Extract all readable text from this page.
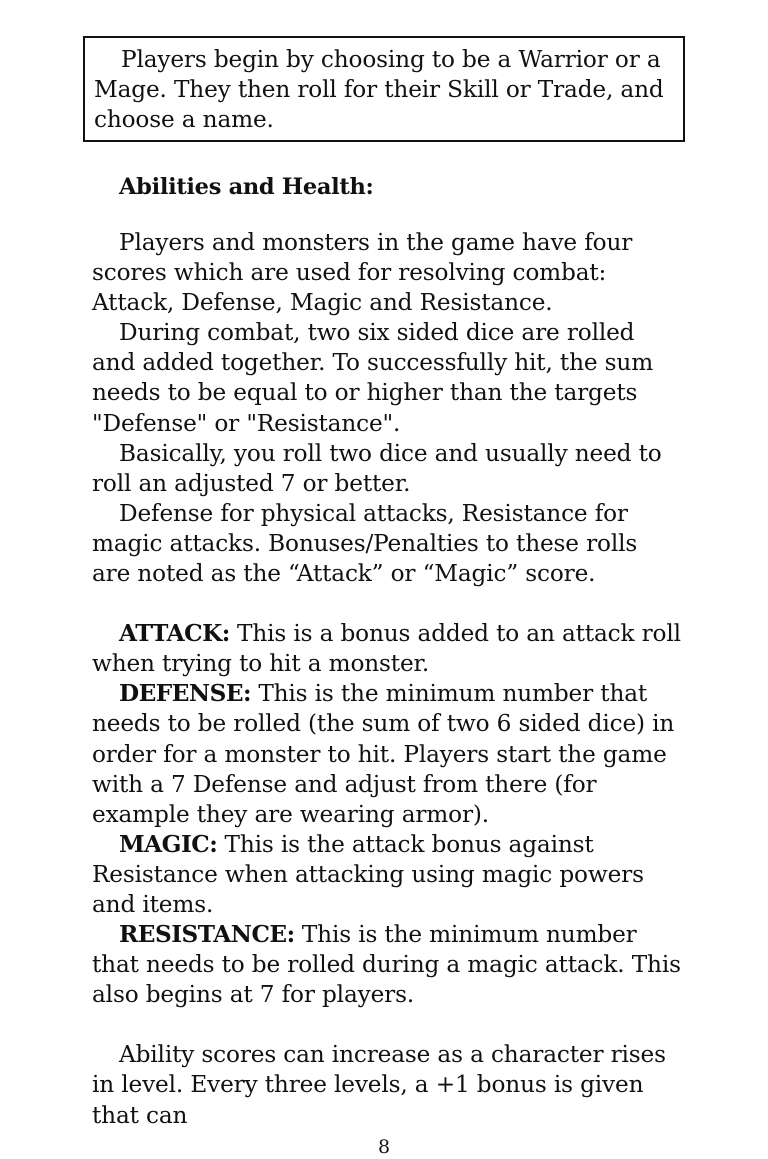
Players begin by choosing to be a Warrior or a Mage. They then roll for their Skill or Trade, and choose a name.

Abilities and Health:

Players and monsters in the game have four scores which are used for resolving combat: Attack, Defense, Magic and Resistance.

During combat, two six sided dice are rolled and added together. To successfully hit, the sum needs to be equal to or higher than the targets "Defense" or "Resistance".

Basically, you roll two dice and usually need to roll an adjusted 7 or better.

Defense for physical attacks, Resistance for magic attacks. Bonuses/Penalties to these rolls are noted as the “Attack” or “Magic” score.

ATTACK: This is a bonus added to an attack roll when trying to hit a monster.

DEFENSE: This is the minimum number that needs to be rolled (the sum of two 6 sided dice) in order for a monster to hit. Players start the game with a 7 Defense and adjust from there (for example they are wearing armor).

MAGIC: This is the attack bonus against Resistance when attacking using magic powers and items.

RESISTANCE: This is the minimum number that needs to be rolled during a magic attack. This also begins at 7 for players.

Ability scores can increase as a character rises in level. Every three levels, a +1 bonus is given that can

8
